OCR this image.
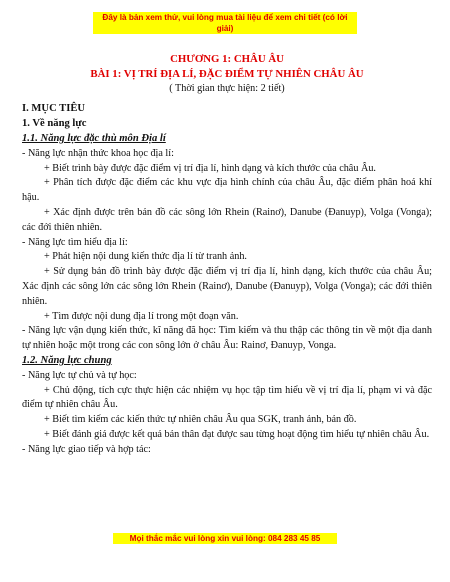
Đây là bản xem thử, vui lòng mua tài liệu để xem chi tiết (có lời giải)
CHƯƠNG 1: CHÂU ÂU
BÀI 1: VỊ TRÍ ĐỊA LÍ, ĐẶC ĐIỂM TỰ NHIÊN CHÂU ÂU
( Thời gian thực hiện: 2 tiết)
I. MỤC TIÊU
1. Về năng lực
1.1. Năng lực đặc thù môn Địa lí

- Năng lực nhận thức khoa học địa lí:

+ Biết trình bày được đặc điểm vị trí địa lí, hình dạng và kích thước của châu Âu.

+ Phân tích được đặc điểm các khu vực địa hình chính của châu Âu, đặc điểm phân hoá khí hậu.

+ Xác định được trên bản đồ các sông lớn Rhein (Rainơ), Danube (Đanuyp), Volga (Vonga); các đới thiên nhiên.

- Năng lực tìm hiểu địa lí:

+ Phát hiện nội dung kiến thức địa lí từ tranh ảnh.

+ Sử dụng bản đồ trình bày được đặc điểm vị trí địa lí, hình dạng, kích thước của châu Âu; Xác định các sông lớn các sông lớn Rhein (Rainơ), Danube (Đanuyp), Volga (Vonga); các đới thiên nhiên.

+ Tìm được nội dung địa lí trong một đoạn văn.

- Năng lực vận dụng kiến thức, kĩ năng đã học: Tìm kiếm và thu thập các thông tin về một địa danh tự nhiên hoặc một trong các con sông lớn ở châu Âu: Rainơ, Đanuyp, Vonga.

1.2. Năng lực chung

- Năng lực tự chủ và tự học:

+ Chủ động, tích cực thực hiện các nhiệm vụ học tập tìm hiểu về vị trí địa lí, phạm vi và đặc điểm tự nhiên châu Âu.

+ Biết tìm kiếm các kiến thức tự nhiên châu Âu qua SGK, tranh ảnh, bản đồ.

+ Biết đánh giá được kết quả bản thân đạt được sau từng hoạt động tìm hiểu tự nhiên châu Âu.

- Năng lực giao tiếp và hợp tác:

Mọi thắc mắc vui lòng xin vui lòng: 084 283 45 85
